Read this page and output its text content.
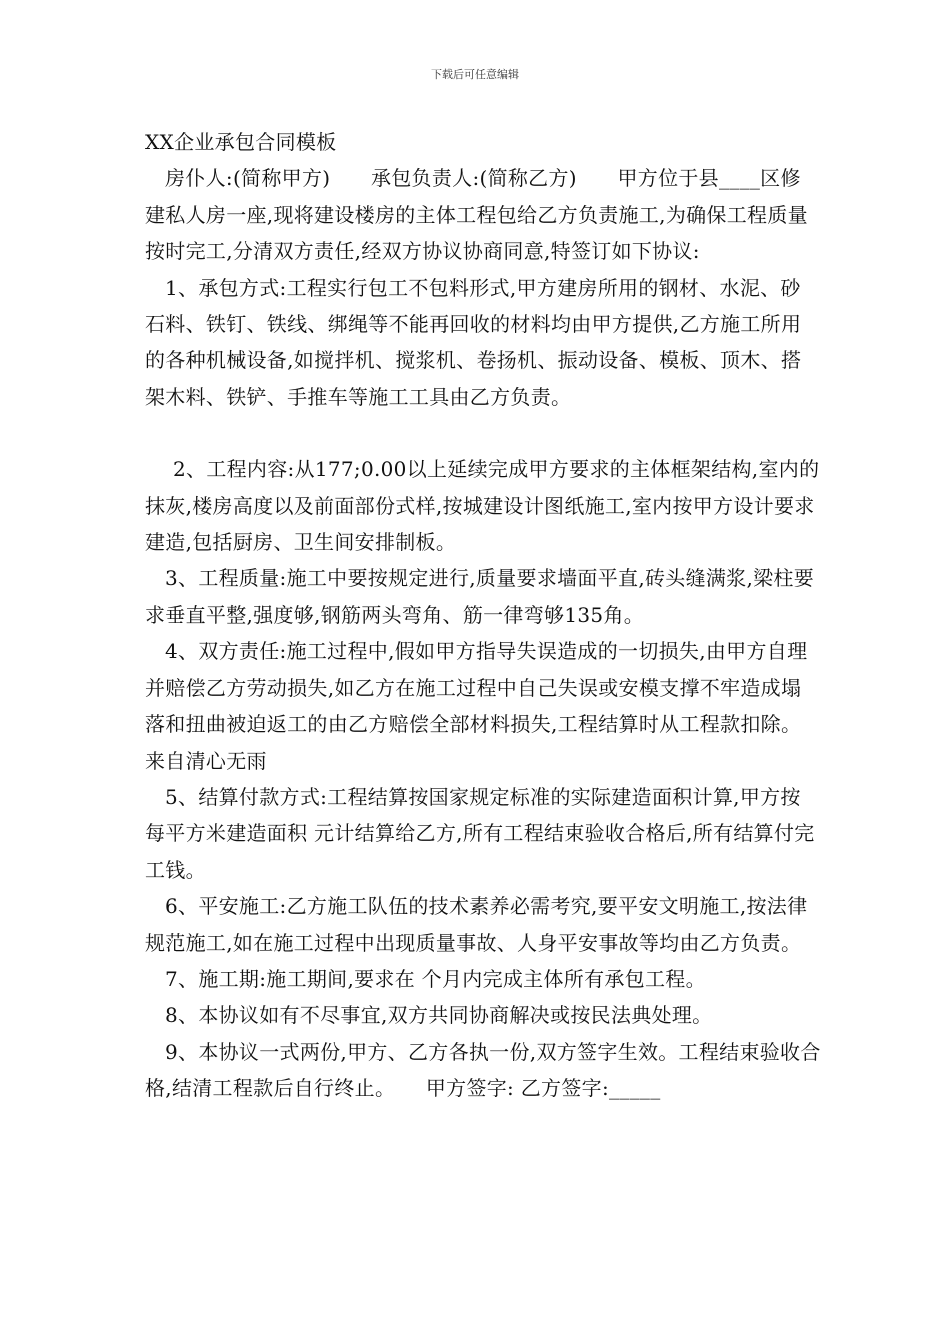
下载后可任意编辑

XX企业承包合同模板

房仆人:(简称甲方)　　承包负责人:(简称乙方)　　甲方位于县____区修建私人房一座,现将建设楼房的主体工程包给乙方负责施工,为确保工程质量按时完工,分清双方责任,经双方协议协商同意,特签订如下协议:

1、承包方式:工程实行包工不包料形式,甲方建房所用的钢材、水泥、砂石料、铁钉、铁线、绑绳等不能再回收的材料均由甲方提供,乙方施工所用的各种机械设备,如搅拌机、搅浆机、卷扬机、振动设备、模板、顶木、搭架木料、铁铲、手推车等施工工具由乙方负责。

2、工程内容:从177;0.00以上延续完成甲方要求的主体框架结构,室内的抹灰,楼房高度以及前面部份式样,按城建设计图纸施工,室内按甲方设计要求建造,包括厨房、卫生间安排制板。

3、工程质量:施工中要按规定进行,质量要求墙面平直,砖头缝满浆,梁柱要求垂直平整,强度够,钢筋两头弯角、筋一律弯够135角。

4、双方责任:施工过程中,假如甲方指导失误造成的一切损失,由甲方自理并赔偿乙方劳动损失,如乙方在施工过程中自己失误或安模支撑不牢造成塌落和扭曲被迫返工的由乙方赔偿全部材料损失,工程结算时从工程款扣除。来自清心无雨

5、结算付款方式:工程结算按国家规定标准的实际建造面积计算,甲方按每平方米建造面积 元计结算给乙方,所有工程结束验收合格后,所有结算付完工钱。

6、平安施工:乙方施工队伍的技术素养必需考究,要平安文明施工,按法律规范施工,如在施工过程中出现质量事故、人身平安事故等均由乙方负责。

7、施工期:施工期间,要求在 个月内完成主体所有承包工程。

8、本协议如有不尽事宜,双方共同协商解决或按民法典处理。

9、本协议一式两份,甲方、乙方各执一份,双方签字生效。工程结束验收合格,结清工程款后自行终止。　　甲方签字: 乙方签字:_____
